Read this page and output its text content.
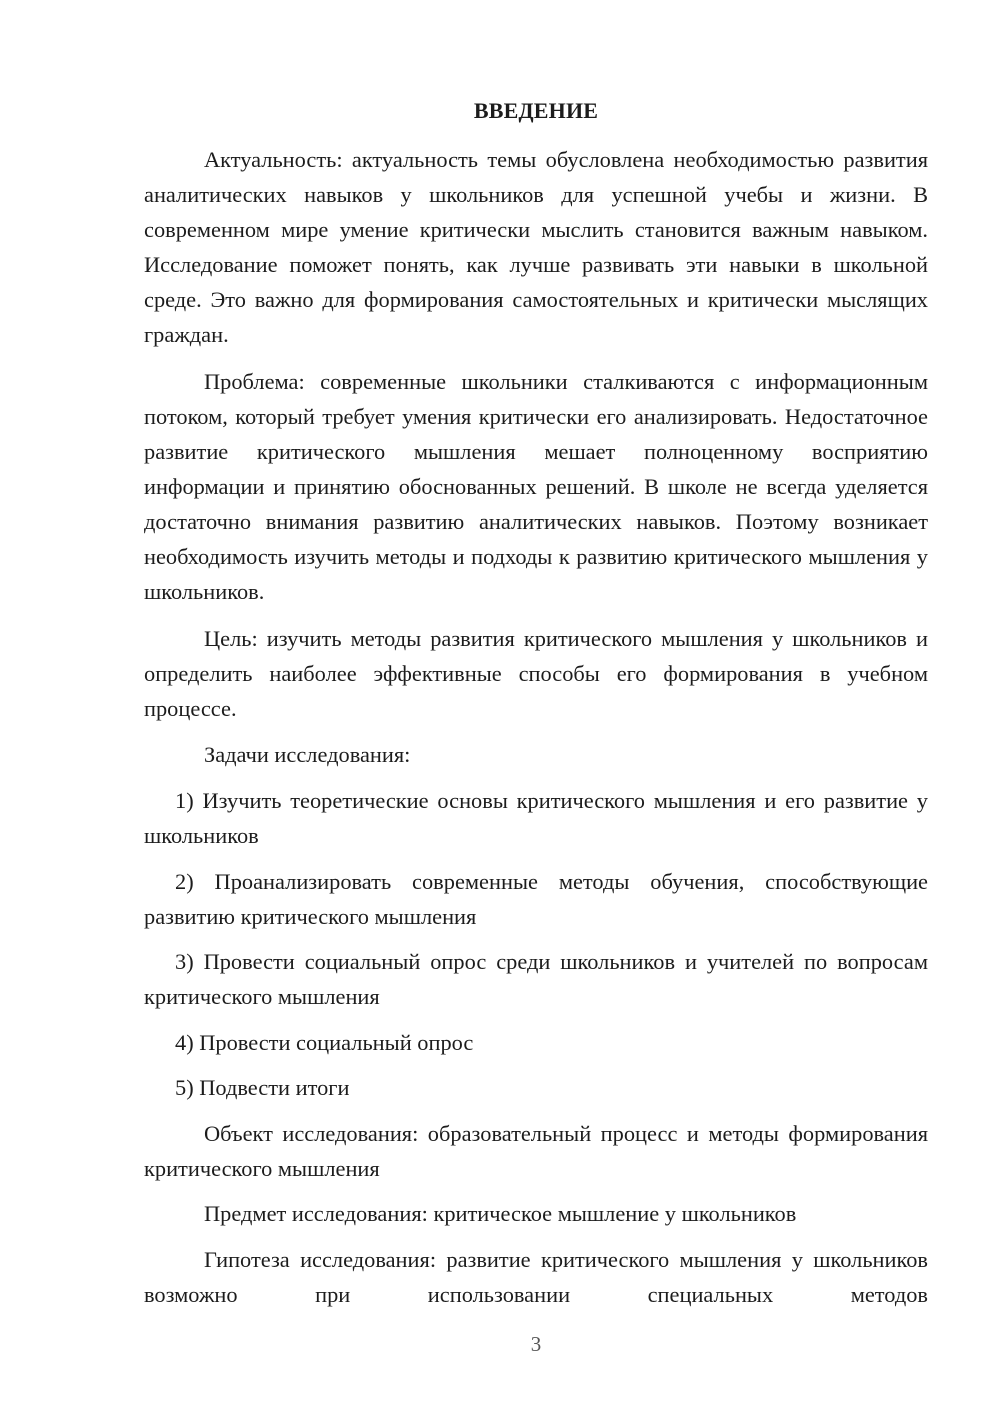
ВВЕДЕНИЕ

Актуальность: актуальность темы обусловлена необходимостью развития аналитических навыков у школьников для успешной учебы и жизни. В современном мире умение критически мыслить становится важным навыком. Исследование поможет понять, как лучше развивать эти навыки в школьной среде. Это важно для формирования самостоятельных и критически мыслящих граждан.

Проблема: современные школьники сталкиваются с информационным потоком, который требует умения критически его анализировать. Недостаточное развитие критического мышления мешает полноценному восприятию информации и принятию обоснованных решений. В школе не всегда уделяется достаточно внимания развитию аналитических навыков. Поэтому возникает необходимость изучить методы и подходы к развитию критического мышления у школьников.

Цель: изучить методы развития критического мышления у школьников и определить наиболее эффективные способы его формирования в учебном процессе.

Задачи исследования:

1) Изучить теоретические основы критического мышления и его развитие у школьников

2) Проанализировать современные методы обучения, способствующие развитию критического мышления

3) Провести социальный опрос среди школьников и учителей по вопросам критического мышления

4) Провести социальный опрос

5) Подвести итоги

Объект исследования: образовательный процесс и методы формирования критического мышления

Предмет исследования: критическое мышление у школьников

Гипотеза исследования: развитие критического мышления у школьников возможно при использовании специальных методов

3
